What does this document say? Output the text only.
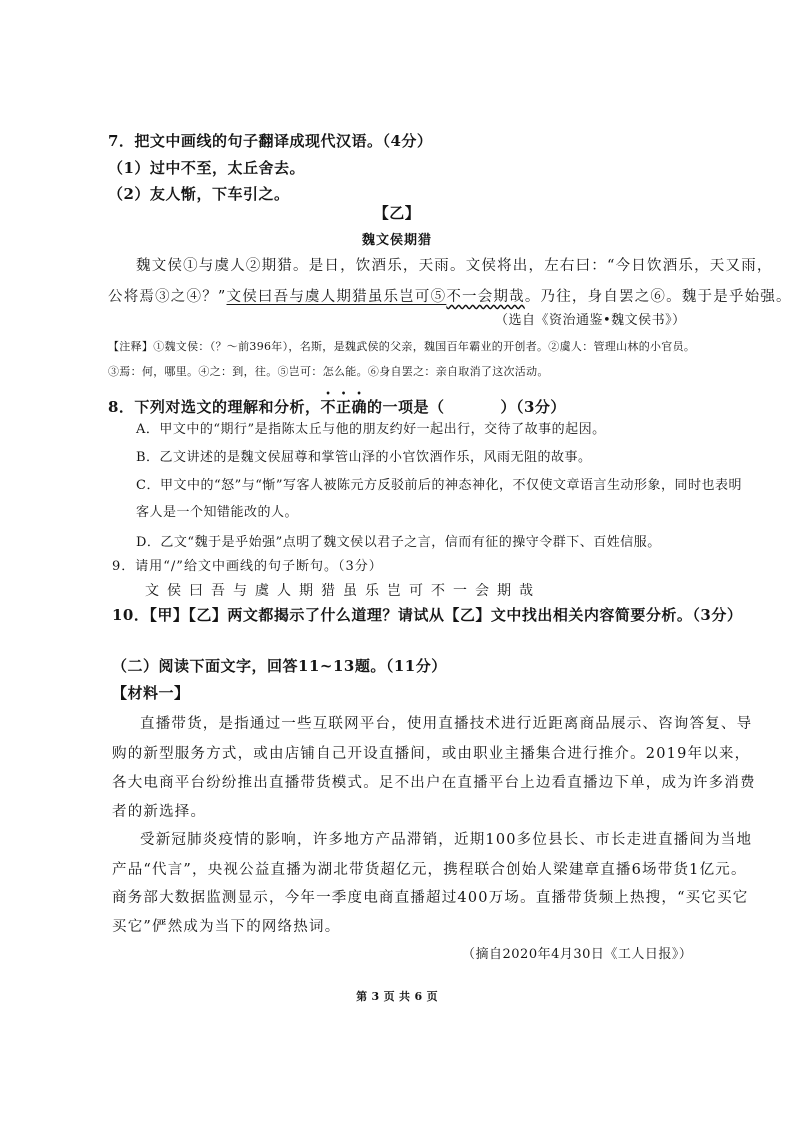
7．把文中画线的句子翻译成现代汉语。（4分）
（1）过中不至，太丘舍去。
（2）友人惭，下车引之。
【乙】
魏文侯期猎
魏文侯①与虞人②期猎。是日，饮酒乐，天雨。文侯将出，左右曰：“今日饮酒乐，天又雨，
公将焉③之④？”文侯曰吾与虞人期猎虽乐岂可⑤不一会期哉。乃往，身自罢之⑥。魏于是乎始强。
（选自《资治通鉴•魏文侯书》）
【注释】①魏文侯：（？～前396年），名斯，是魏武侯的父亲，魏国百年霸业的开创者。②虞人：管理山林的小官员。
③焉：何，哪里。④之：到，往。⑤岂可：怎么能。⑥身自罢之：亲自取消了这次活动。
8．下列对选文的理解和分析，不正确的一项是（	）（3分）
A．甲文中的“期行”是指陈太丘与他的朋友约好一起出行，交待了故事的起因。
B．乙文讲述的是魏文侯屈尊和掌管山泽的小官饮酒作乐，风雨无阻的故事。
C．甲文中的“怒”与“惭”写客人被陈元方反驳前后的神态神化，不仅使文章语言生动形象，同时也表明
客人是一个知错能改的人。
D．乙文“魏于是乎始强”点明了魏文侯以君子之言，信而有征的操守令群下、百姓信服。
9．请用“/”给文中画线的句子断句。（3分）
文侯曰吾与虞人期猎虽乐岂可不一会期哉
10．【甲】【乙】两文都揭示了什么道理？请试从【乙】文中找出相关内容简要分析。（3分）
（二）阅读下面文字，回答11~13题。（11分）
【材料一】
直播带货，是指通过一些互联网平台，使用直播技术进行近距离商品展示、咨询答复、导
购的新型服务方式，或由店铺自己开设直播间，或由职业主播集合进行推介。2019年以来，
各大电商平台纷纷推出直播带货模式。足不出户在直播平台上边看直播边下单，成为许多消费
者的新选择。
受新冠肺炎疫情的影响，许多地方产品滞销，近期100多位县长、市长走进直播间为当地
产品“代言”，央视公益直播为湖北带货超亿元，携程联合创始人梁建章直播6场带货1亿元。
商务部大数据监测显示，今年一季度电商直播超过400万场。直播带货频上热搜，“买它买它
买它”俨然成为当下的网络热词。
（摘自2020年4月30日《工人日报》）
第 3 页 共 6 页
